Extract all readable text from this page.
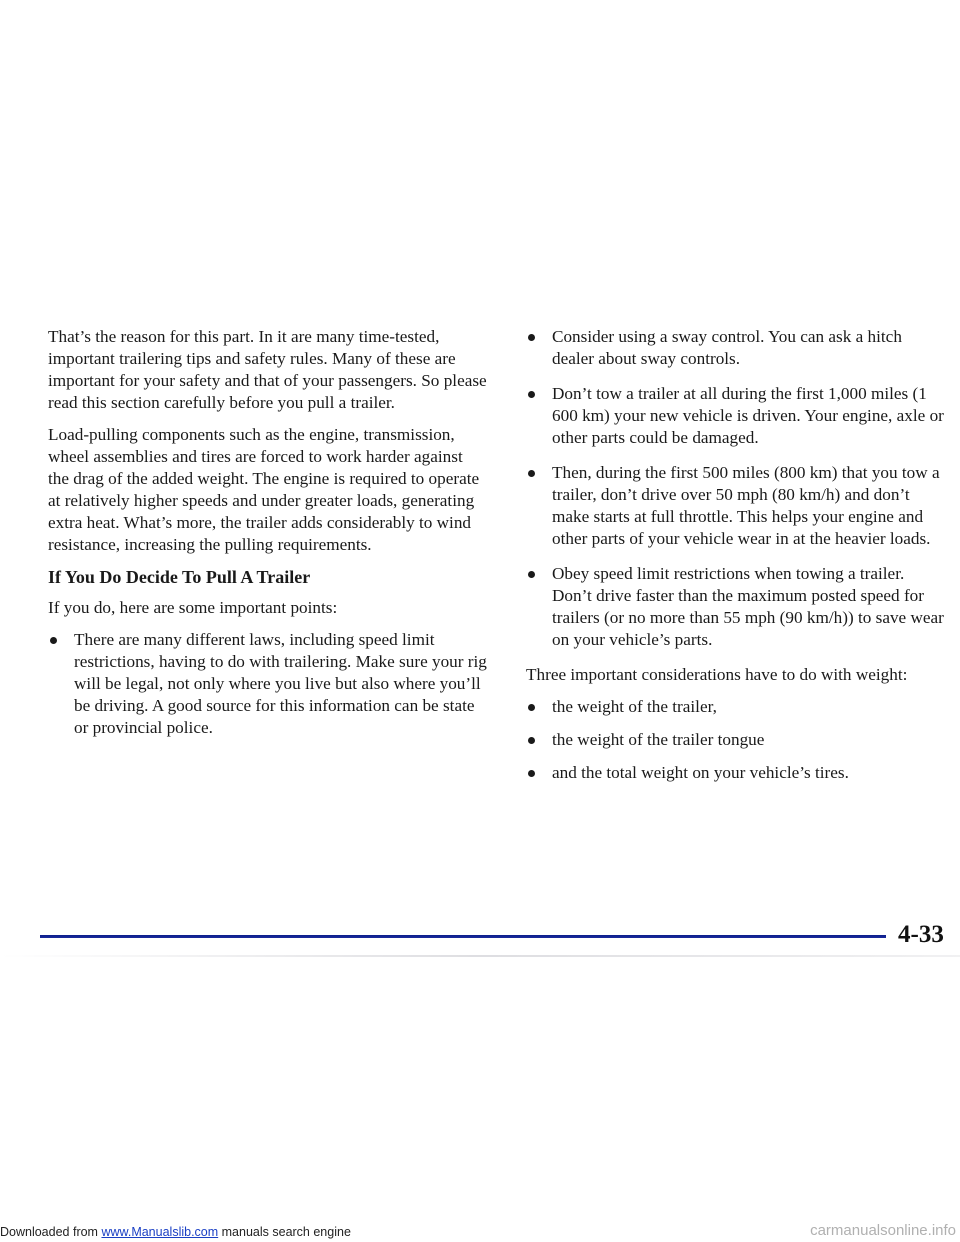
That’s the reason for this part. In it are many time-tested, important trailering tips and safety rules. Many of these are important for your safety and that of your passengers. So please read this section carefully before you pull a trailer.

Load-pulling components such as the engine, transmission, wheel assemblies and tires are forced to work harder against the drag of the added weight. The engine is required to operate at relatively higher speeds and under greater loads, generating extra heat. What’s more, the trailer adds considerably to wind resistance, increasing the pulling requirements.

If You Do Decide To Pull A Trailer

If you do, here are some important points:

There are many different laws, including speed limit restrictions, having to do with trailering. Make sure your rig will be legal, not only where you live but also where you’ll be driving. A good source for this information can be state or provincial police.
Consider using a sway control. You can ask a hitch dealer about sway controls.
Don’t tow a trailer at all during the first 1,000 miles (1 600 km) your new vehicle is driven. Your engine, axle or other parts could be damaged.
Then, during the first 500 miles (800 km) that you tow a trailer, don’t drive over 50 mph (80 km/h) and don’t make starts at full throttle. This helps your engine and other parts of your vehicle wear in at the heavier loads.
Obey speed limit restrictions when towing a trailer. Don’t drive faster than the maximum posted speed for trailers (or no more than 55 mph (90 km/h)) to save wear on your vehicle’s parts.

Three important considerations have to do with weight:

the weight of the trailer,
the weight of the trailer tongue
and the total weight on your vehicle’s tires.
4-33
Downloaded from www.Manualslib.com manuals search engine	carmanualsonline.info
